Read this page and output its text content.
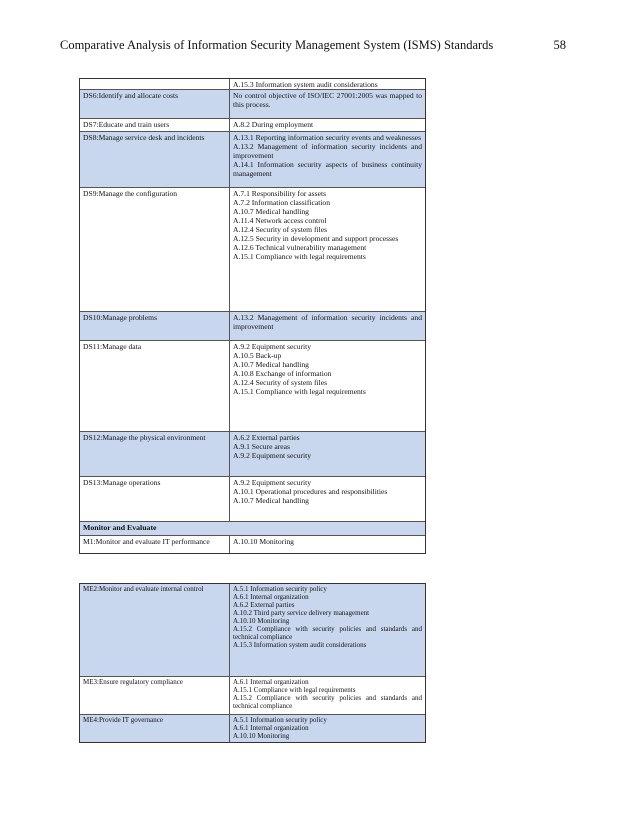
Comparative Analysis of Information Security Management System (ISMS) Standards	58
A.15.3 Information system audit considerations
DS6:Identify and allocate costs	No control objective of ISO/IEC 27001:2005 was mapped to this process.
DS7:Educate and train users	A.8.2 During employment
DS8:Manage service desk and incidents	A.13.1 Reporting information security events and weaknesses
A.13.2 Management of information security incidents and improvement
A.14.1 Information security aspects of business continuity management
DS9:Manage the configuration	A.7.1 Responsibility for assets
A.7.2 Information classification
A.10.7 Medical handling
A.11.4 Network access control
A.12.4 Security of system files
A.12.5 Security in development and support processes
A.12.6 Technical vulnerability management
A.15.1 Compliance with legal requirements
DS10:Manage problems	A.13.2 Management of information security incidents and improvement
DS11:Manage data	A.9.2 Equipment security
A.10.5 Back-up
A.10.7 Medical handling
A.10.8 Exchange of information
A.12.4 Security of system files
A.15.1 Compliance with legal requirements
DS12:Manage the physical environment	A.6.2 External parties
A.9.1 Secure areas
A.9.2 Equipment security
DS13:Manage operations	A.9.2 Equipment security
A.10.1 Operational procedures and responsibilities
A.10.7 Medical handling
Monitor and Evaluate
M1:Monitor and evaluate IT performance	A.10.10 Monitoring
ME2:Monitor and evaluate internal control	A.5.1 Information security policy
A.6.1 Internal organization
A.6.2 External parties
A.10.2 Third party service delivery management
A.10.10 Monitoring
A.15.2 Compliance with security policies and standards and technical compliance
A.15.3 Information system audit considerations
ME3:Ensure regulatory compliance	A.6.1 Internal organization
A.15.1 Compliance with legal requirements
A.15.2 Compliance with security policies and standards and technical compliance
ME4:Provide IT governance	A.5.1 Information security policy
A.6.1 Internal organization
A.10.10 Monitoring
